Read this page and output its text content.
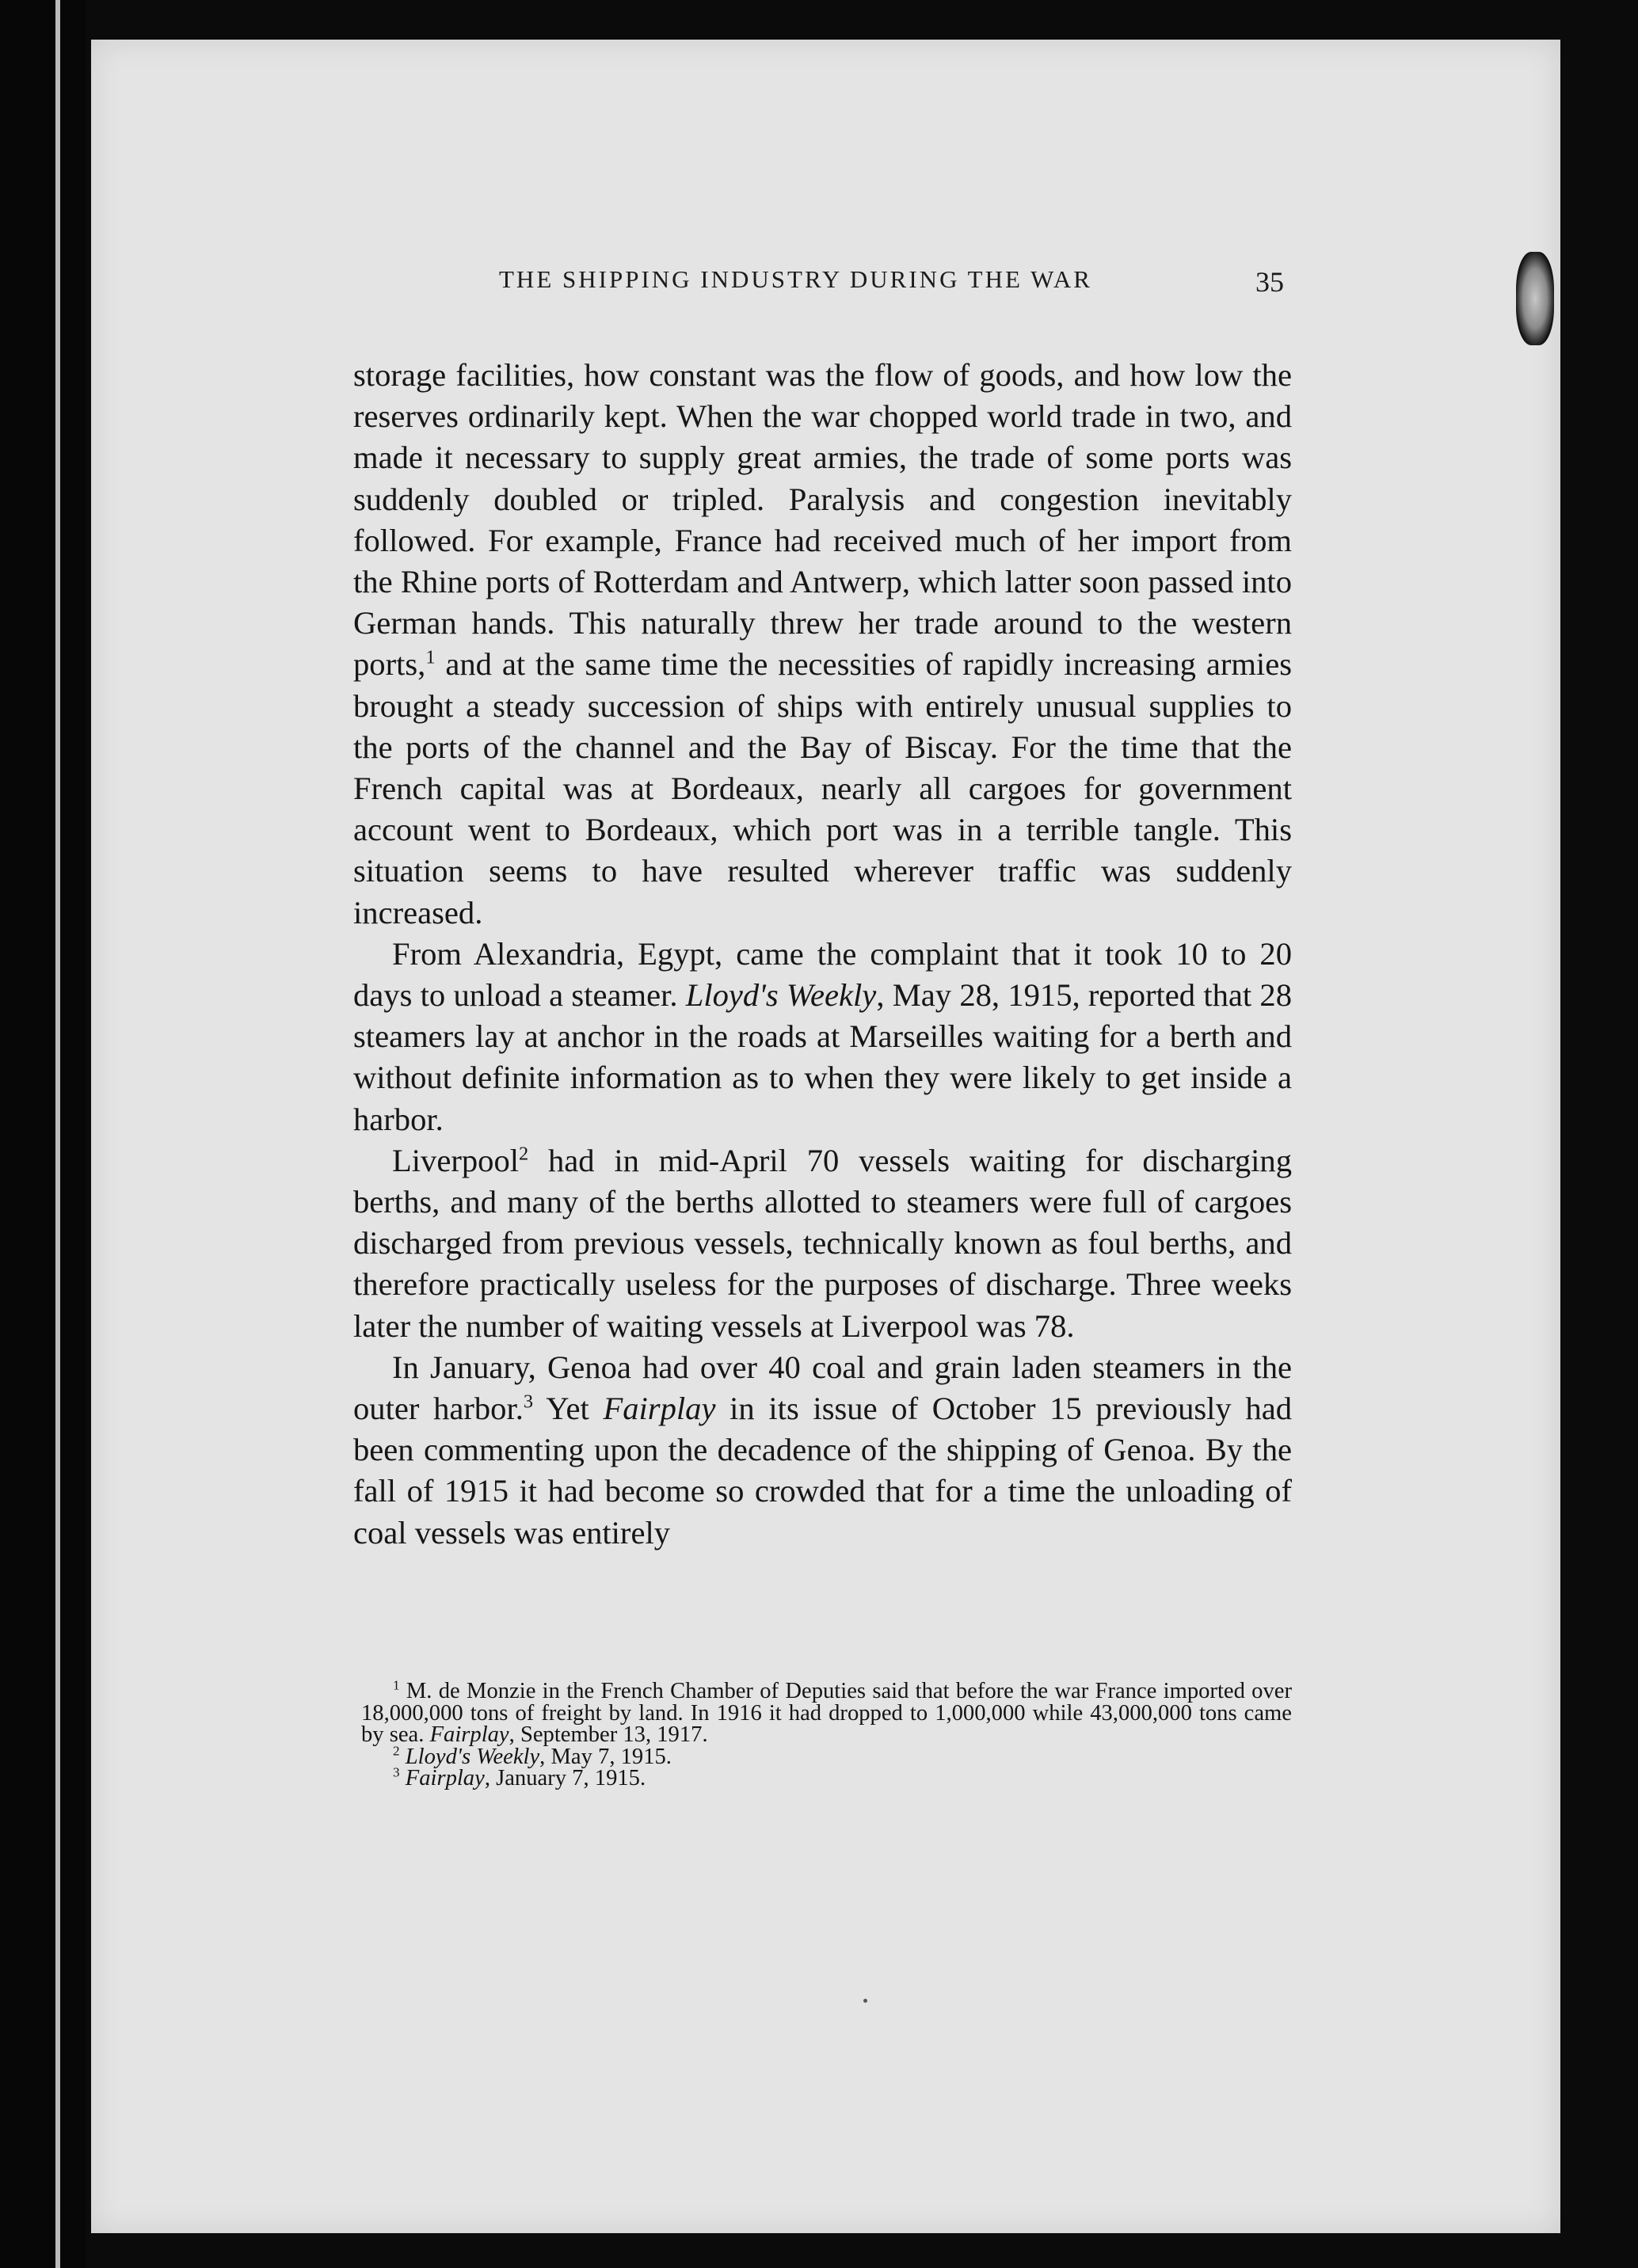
THE SHIPPING INDUSTRY DURING THE WAR	35

storage facilities, how constant was the flow of goods, and how low the reserves ordinarily kept. When the war chopped world trade in two, and made it necessary to supply great armies, the trade of some ports was suddenly doubled or tripled. Paralysis and congestion inevitably followed. For example, France had received much of her import from the Rhine ports of Rotterdam and Antwerp, which latter soon passed into German hands. This naturally threw her trade around to the western ports,$^1$ and at the same time the necessities of rapidly increasing armies brought a steady succession of ships with entirely unusual supplies to the ports of the channel and the Bay of Biscay. For the time that the French capital was at Bordeaux, nearly all cargoes for government account went to Bordeaux, which port was in a terrible tangle. This situation seems to have resulted wherever traffic was suddenly increased.

From Alexandria, Egypt, came the complaint that it took 10 to 20 days to unload a steamer. Lloyd's Weekly, May 28, 1915, reported that 28 steamers lay at anchor in the roads at Marseilles waiting for a berth and without definite information as to when they were likely to get inside a harbor.

Liverpool$^2$ had in mid-April 70 vessels waiting for discharging berths, and many of the berths allotted to steamers were full of cargoes discharged from previous vessels, technically known as foul berths, and therefore practically useless for the purposes of discharge. Three weeks later the number of waiting vessels at Liverpool was 78.

In January, Genoa had over 40 coal and grain laden steamers in the outer harbor.$^3$ Yet Fairplay in its issue of October 15 previously had been commenting upon the decadence of the shipping of Genoa. By the fall of 1915 it had become so crowded that for a time the unloading of coal vessels was entirely

$^1$ M. de Monzie in the French Chamber of Deputies said that before the war France imported over 18,000,000 tons of freight by land. In 1916 it had dropped to 1,000,000 while 43,000,000 tons came by sea. Fairplay, September 13, 1917.

$^2$ Lloyd's Weekly, May 7, 1915.

$^3$ Fairplay, January 7, 1915.
